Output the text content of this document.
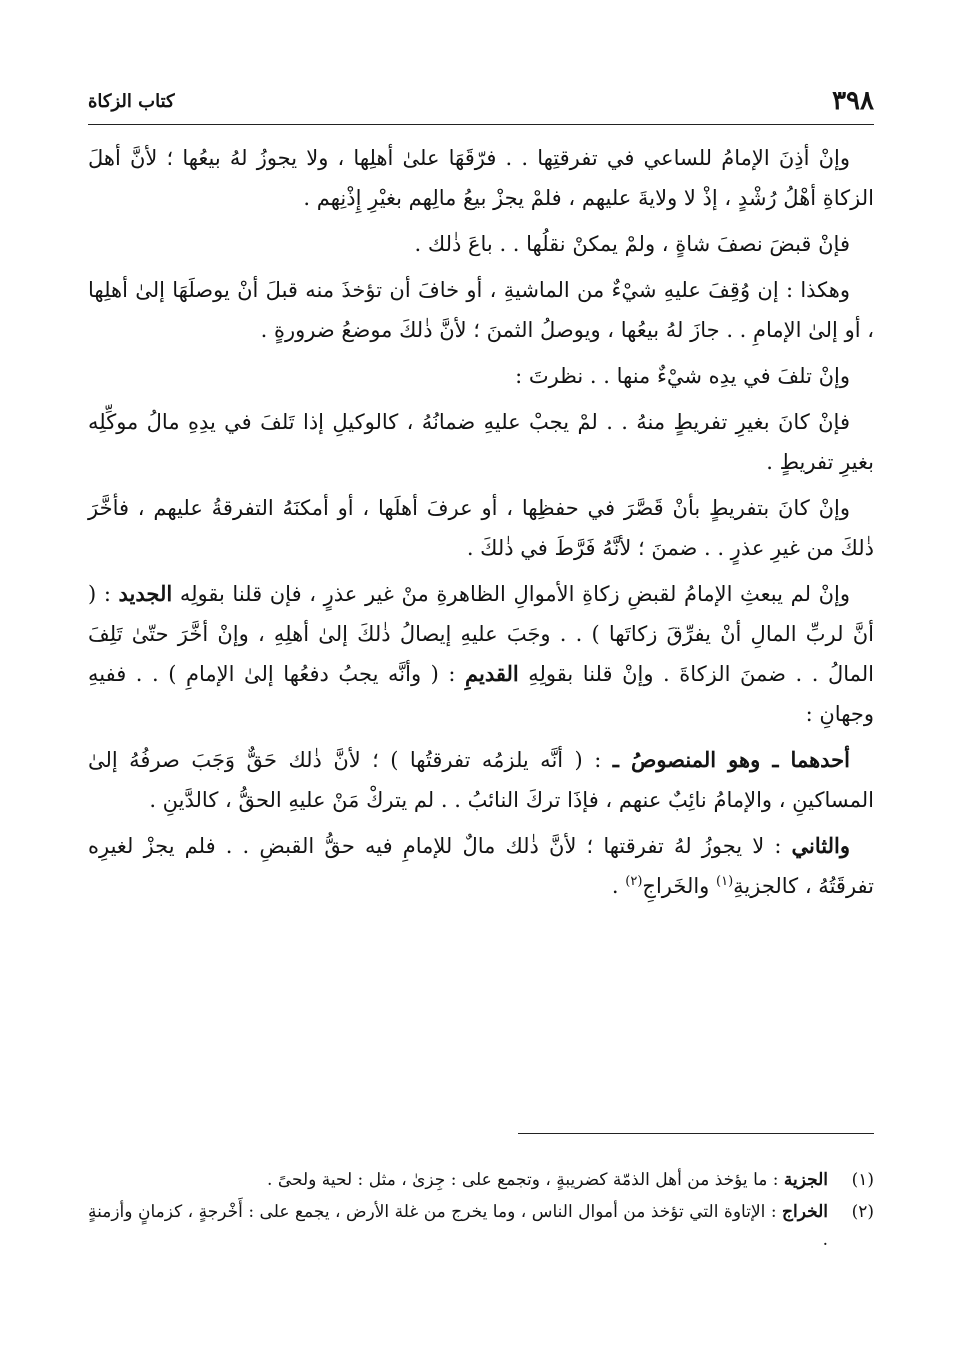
٣٩٨
كتاب الزكاة

وإنْ أذِنَ الإمامُ للساعي في تفرقتِها . . فرّقَهَا علىٰ أهلِها ، ولا يجوزُ لهُ بيعُها ؛ لأنَّ أهلَ الزكاةِ أهْلُ رُشْدٍ ، إذْ لا ولايةَ عليهم ، فلمْ يجزْ بيعُ مالِهم بغيْرِ إِذْنِهم .

فإنْ قبضَ نصفَ شاةٍ ، ولمْ يمكنْ نقلُها . . باعَ ذٰلك .

وهكذا : إن وُقِفَ عليهِ شيْءٌ من الماشيةِ ، أو خافَ أن تؤخذَ منه قبلَ أنْ يوصلَهَا إلىٰ أهلِها ، أو إلىٰ الإمامِ . . جازَ لهُ بيعُها ، ويوصلُ الثمنَ ؛ لأنَّ ذٰلكَ موضعُ ضرورةٍ .

وإنْ تلفَ في يدِه شيْءٌ منها . . نظرتَ :

فإنْ كانَ بغيرِ تفريطٍ منهُ . . لمْ يجبْ عليهِ ضمانُهُ ، كالوكيلِ إذا تَلفَ في يدِهِ مالُ موكِّلِه بغيرِ تفريطٍ .

وإنْ كانَ بتفريطٍ بأنْ قَصَّرَ في حفظِها ، أو عرفَ أهلَها ، أو أمكنَهُ التفرقةُ عليهم ، فأخَّرَ ذٰلكَ من غيرِ عذرٍ . . ضمنَ ؛ لأنَّهُ فَرَّطَ في ذٰلكَ .

وإنْ لم يبعثِ الإمامُ لقبضِ زكاةِ الأموالِ الظاهرةِ منْ غير عذرٍ ، فإن قلنا بقولِه الجديد : ( أنَّ لربِّ المالِ أنْ يفرِّقَ زكاتَها ) . . وجَبَ عليهِ إيصالُ ذٰلكَ إلىٰ أهلِهِ ، وإنْ أخَّرَ حتّىٰ تَلِفَ المالُ . . ضمنَ الزكاةَ . وإنْ قلنا بقولِهِ القديمِ : ( وأنَّه يجبُ دفعُها إلىٰ الإمامِ ) . . ففيهِ وجهانِ :

أحدهما ـ وهو المنصوصُ ـ : ( أنَّه يلزمُه تفرقتُها ) ؛ لأنَّ ذٰلك حَقٌّ وَجَبَ صرفُهُ إلىٰ المساكينِ ، والإمامُ نائِبٌ عنهم ، فإذَا تركَ النائبُ . . لم يتركْ مَنْ عليهِ الحقُّ ، كالدَّينِ .

والثاني : لا يجوزُ لهُ تفرقتها ؛ لأنَّ ذٰلك مالٌ للإمامِ فيه حقُّ القبضِ . . فلم يجزْ لغيرِه تفرقَتُهُ ، كالجزيةِ$^{(١)}$ والخَراجِ$^{(٢)}$ .

(١)
الجزية : ما يؤخذ من أهل الذمّة كضريبةٍ ، وتجمع على : جِزىٰ ، مثل : لحية ولحىً .
(٢)
الخراج : الإتاوة التي تؤخذ من أموال الناس ، وما يخرج من غلة الأرض ، يجمع على : أَخْرجةٍ ، كزمانٍ وأزمنةٍ .
